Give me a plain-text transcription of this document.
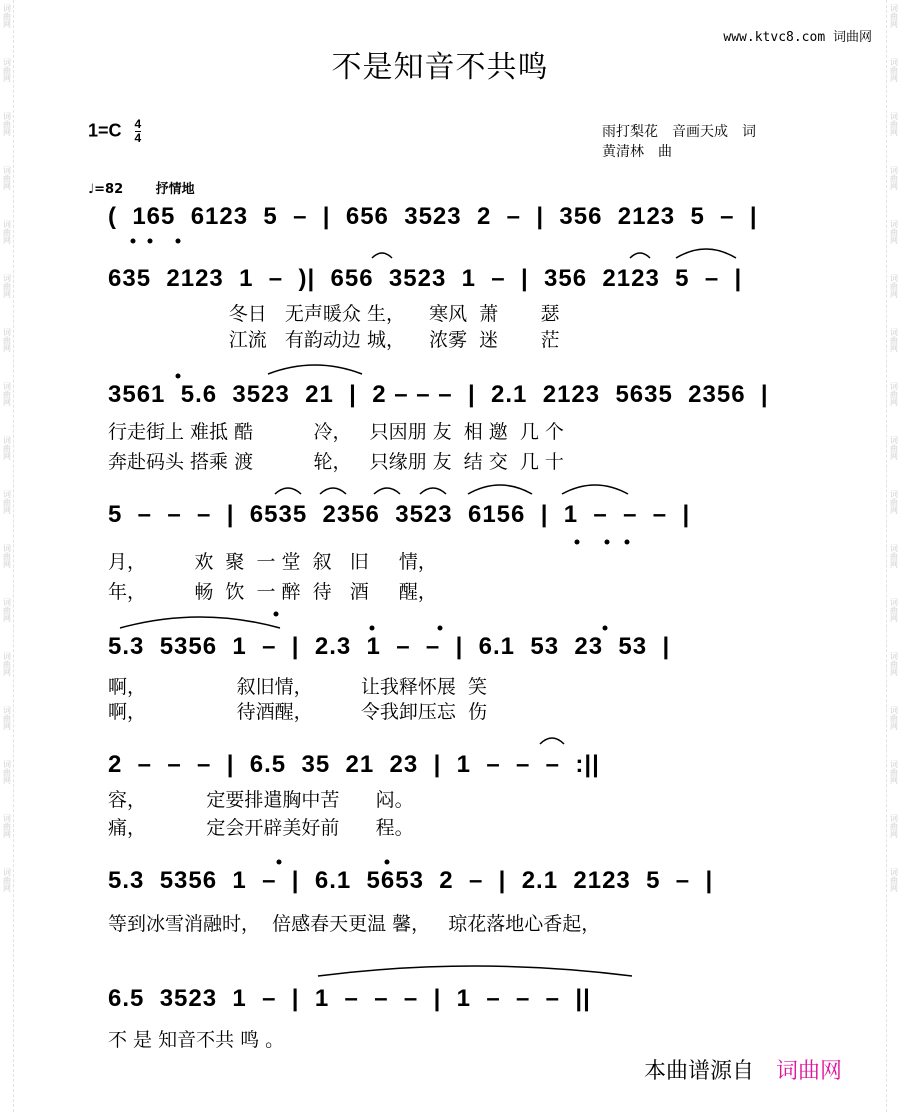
词曲网
词曲网
词曲网
词曲网
词曲网
词曲网
词曲网
词曲网
词曲网
词曲网
词曲网
词曲网
词曲网
词曲网
词曲网
词曲网
词曲网
词曲网
词曲网
词曲网
词曲网
词曲网
词曲网
词曲网
词曲网
词曲网
词曲网
词曲网
词曲网
词曲网
词曲网
词曲网
词曲网
词曲网
www.ktvc8.com 词曲网
不是知音不共鸣
$1=C \frac{4}{4}$	雨打梨花　音画天成　词
黄清林　曲
♩=82	抒情地
(  165  6123  5  –  |  656  3523  2  –  |  356  2123  5  –  |
635  2123  1  –  )|  656  3523  1  –  |  356  2123  5  –  |
冬日   无声暖众 生，    寒风  萧       瑟
江流   有韵动边 城，    浓雾  迷       茫
3561  5.6  3523  21  |  2 – – –  |  2.1  2123  5635  2356  |
行走街上 难抵 酷          冷，   只因朋 友  相 邀  几 个
奔赴码头 搭乘 渡          轮，   只缘朋 友  结 交  几 十
5  –  –  –  |  6535  2356  3523  6156  |  1  –  –  –  |
月，        欢  聚  一 堂  叙   旧     情，
年，        畅  饮  一 醉  待   酒     醒，
5.3  5356  1  –  |  2.3  1  –  –  |  6.1  53  23  53  |
啊，               叙旧情，        让我释怀展  笑
啊，               待酒醒，        令我卸压忘  伤
2  –  –  –  |  6.5  35  21  23  |  1  –  –  –  :||
容，          定要排遣胸中苦      闷。
痛，          定会开辟美好前      程。
5.3  5356  1  –  |  6.1  5653  2  –  |  2.1  2123  5  –  |
等到冰雪消融时，  倍感春天更温 馨，   琼花落地心香起，
6.5  3523  1  –  |  1  –  –  –  |  1  –  –  –  ||
不 是 知音不共 鸣 。
本曲谱源自 词曲网
